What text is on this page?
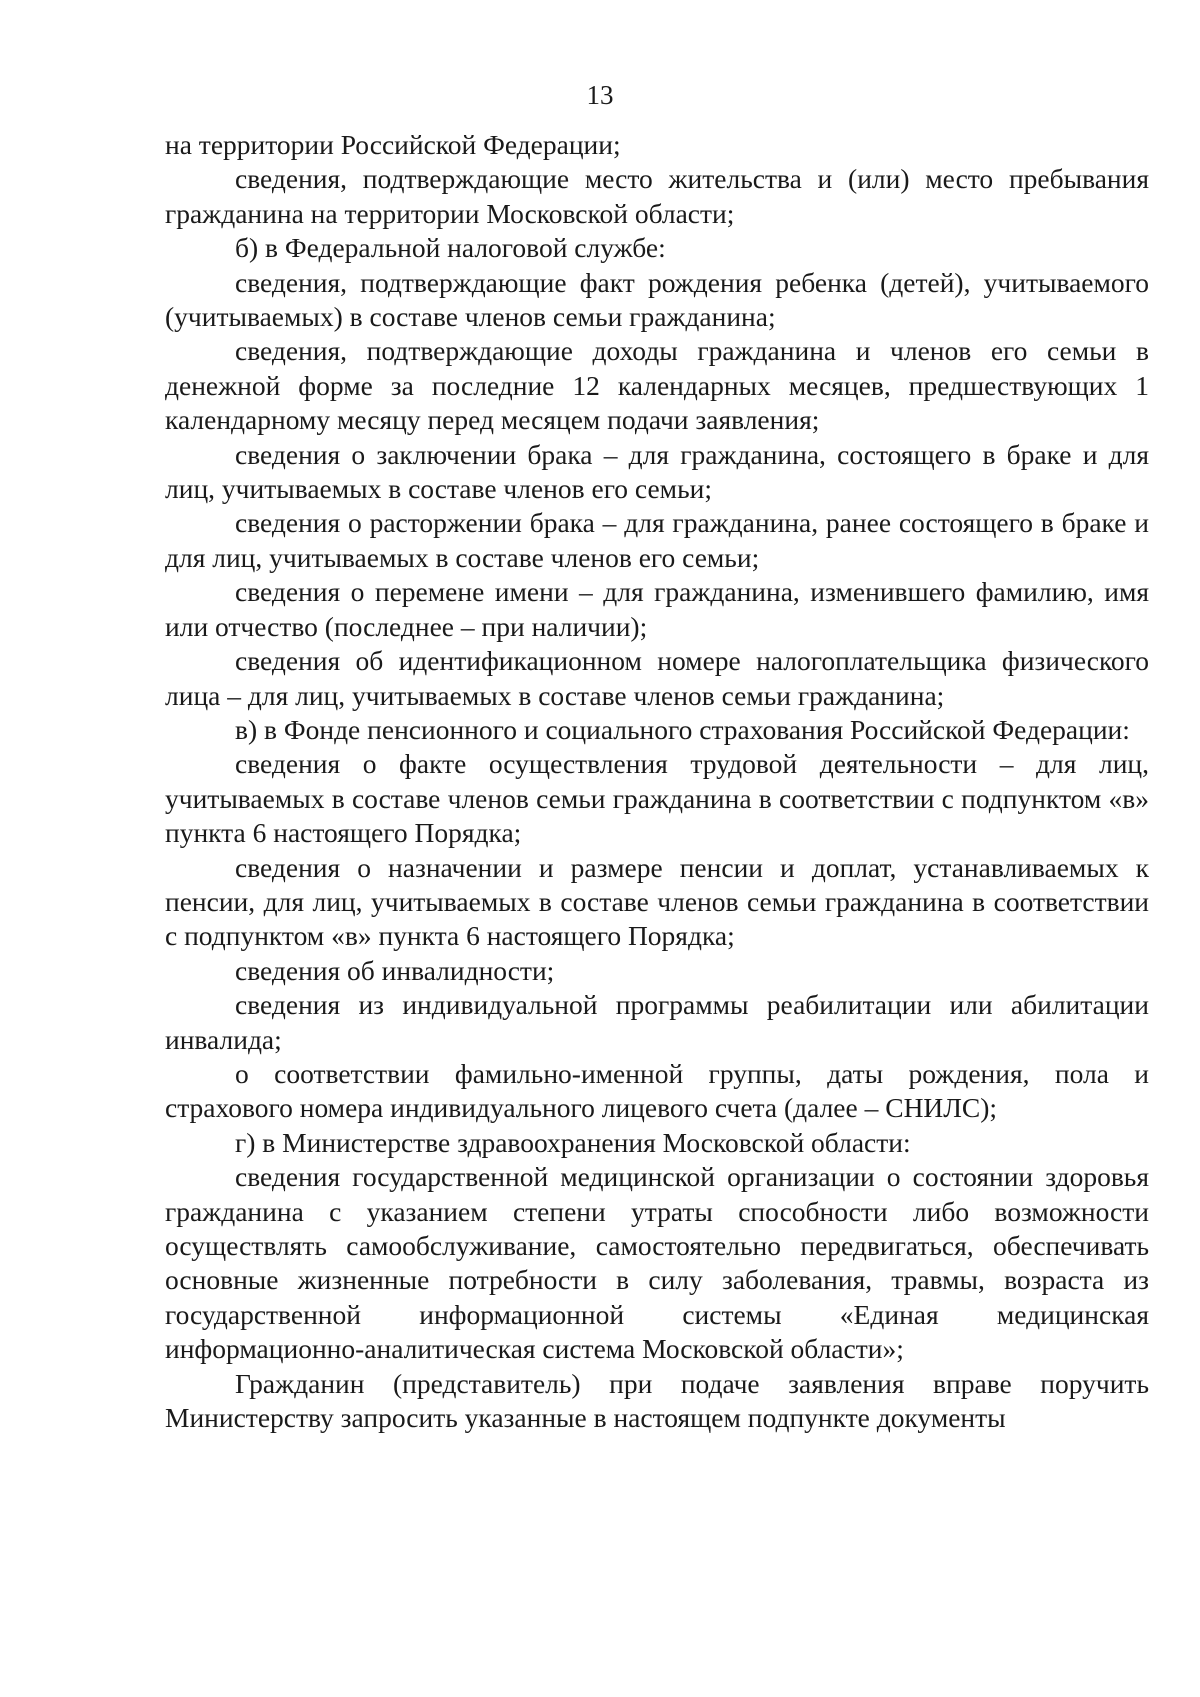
13

на территории Российской Федерации;

сведения, подтверждающие место жительства и (или) место пребывания гражданина на территории Московской области;

б) в Федеральной налоговой службе:

сведения, подтверждающие факт рождения ребенка (детей), учитываемого (учитываемых) в составе членов семьи гражданина;

сведения, подтверждающие доходы гражданина и членов его семьи в денежной форме за последние 12 календарных месяцев, предшествующих 1 календарному месяцу перед месяцем подачи заявления;

сведения о заключении брака – для гражданина, состоящего в браке и для лиц, учитываемых в составе членов его семьи;

сведения о расторжении брака – для гражданина, ранее состоящего в браке и для лиц, учитываемых в составе членов его семьи;

сведения о перемене имени – для гражданина, изменившего фамилию, имя или отчество (последнее – при наличии);

сведения об идентификационном номере налогоплательщика физического лица – для лиц, учитываемых в составе членов семьи гражданина;

в) в Фонде пенсионного и социального страхования Российской Федерации:

сведения о факте осуществления трудовой деятельности – для лиц, учитываемых в составе членов семьи гражданина в соответствии с подпунктом «в» пункта 6 настоящего Порядка;

сведения о назначении и размере пенсии и доплат, устанавливаемых к пенсии, для лиц, учитываемых в составе членов семьи гражданина в соответствии с подпунктом «в» пункта 6 настоящего Порядка;

сведения об инвалидности;

сведения из индивидуальной программы реабилитации или абилитации инвалида;

о соответствии фамильно-именной группы, даты рождения, пола и страхового номера индивидуального лицевого счета (далее – СНИЛС);

г) в Министерстве здравоохранения Московской области:

сведения государственной медицинской организации о состоянии здоровья гражданина с указанием степени утраты способности либо возможности осуществлять самообслуживание, самостоятельно передвигаться, обеспечивать основные жизненные потребности в силу заболевания, травмы, возраста из государственной информационной системы «Единая медицинская информационно-аналитическая система Московской области»;

Гражданин (представитель) при подаче заявления вправе поручить Министерству запросить указанные в настоящем подпункте документы
